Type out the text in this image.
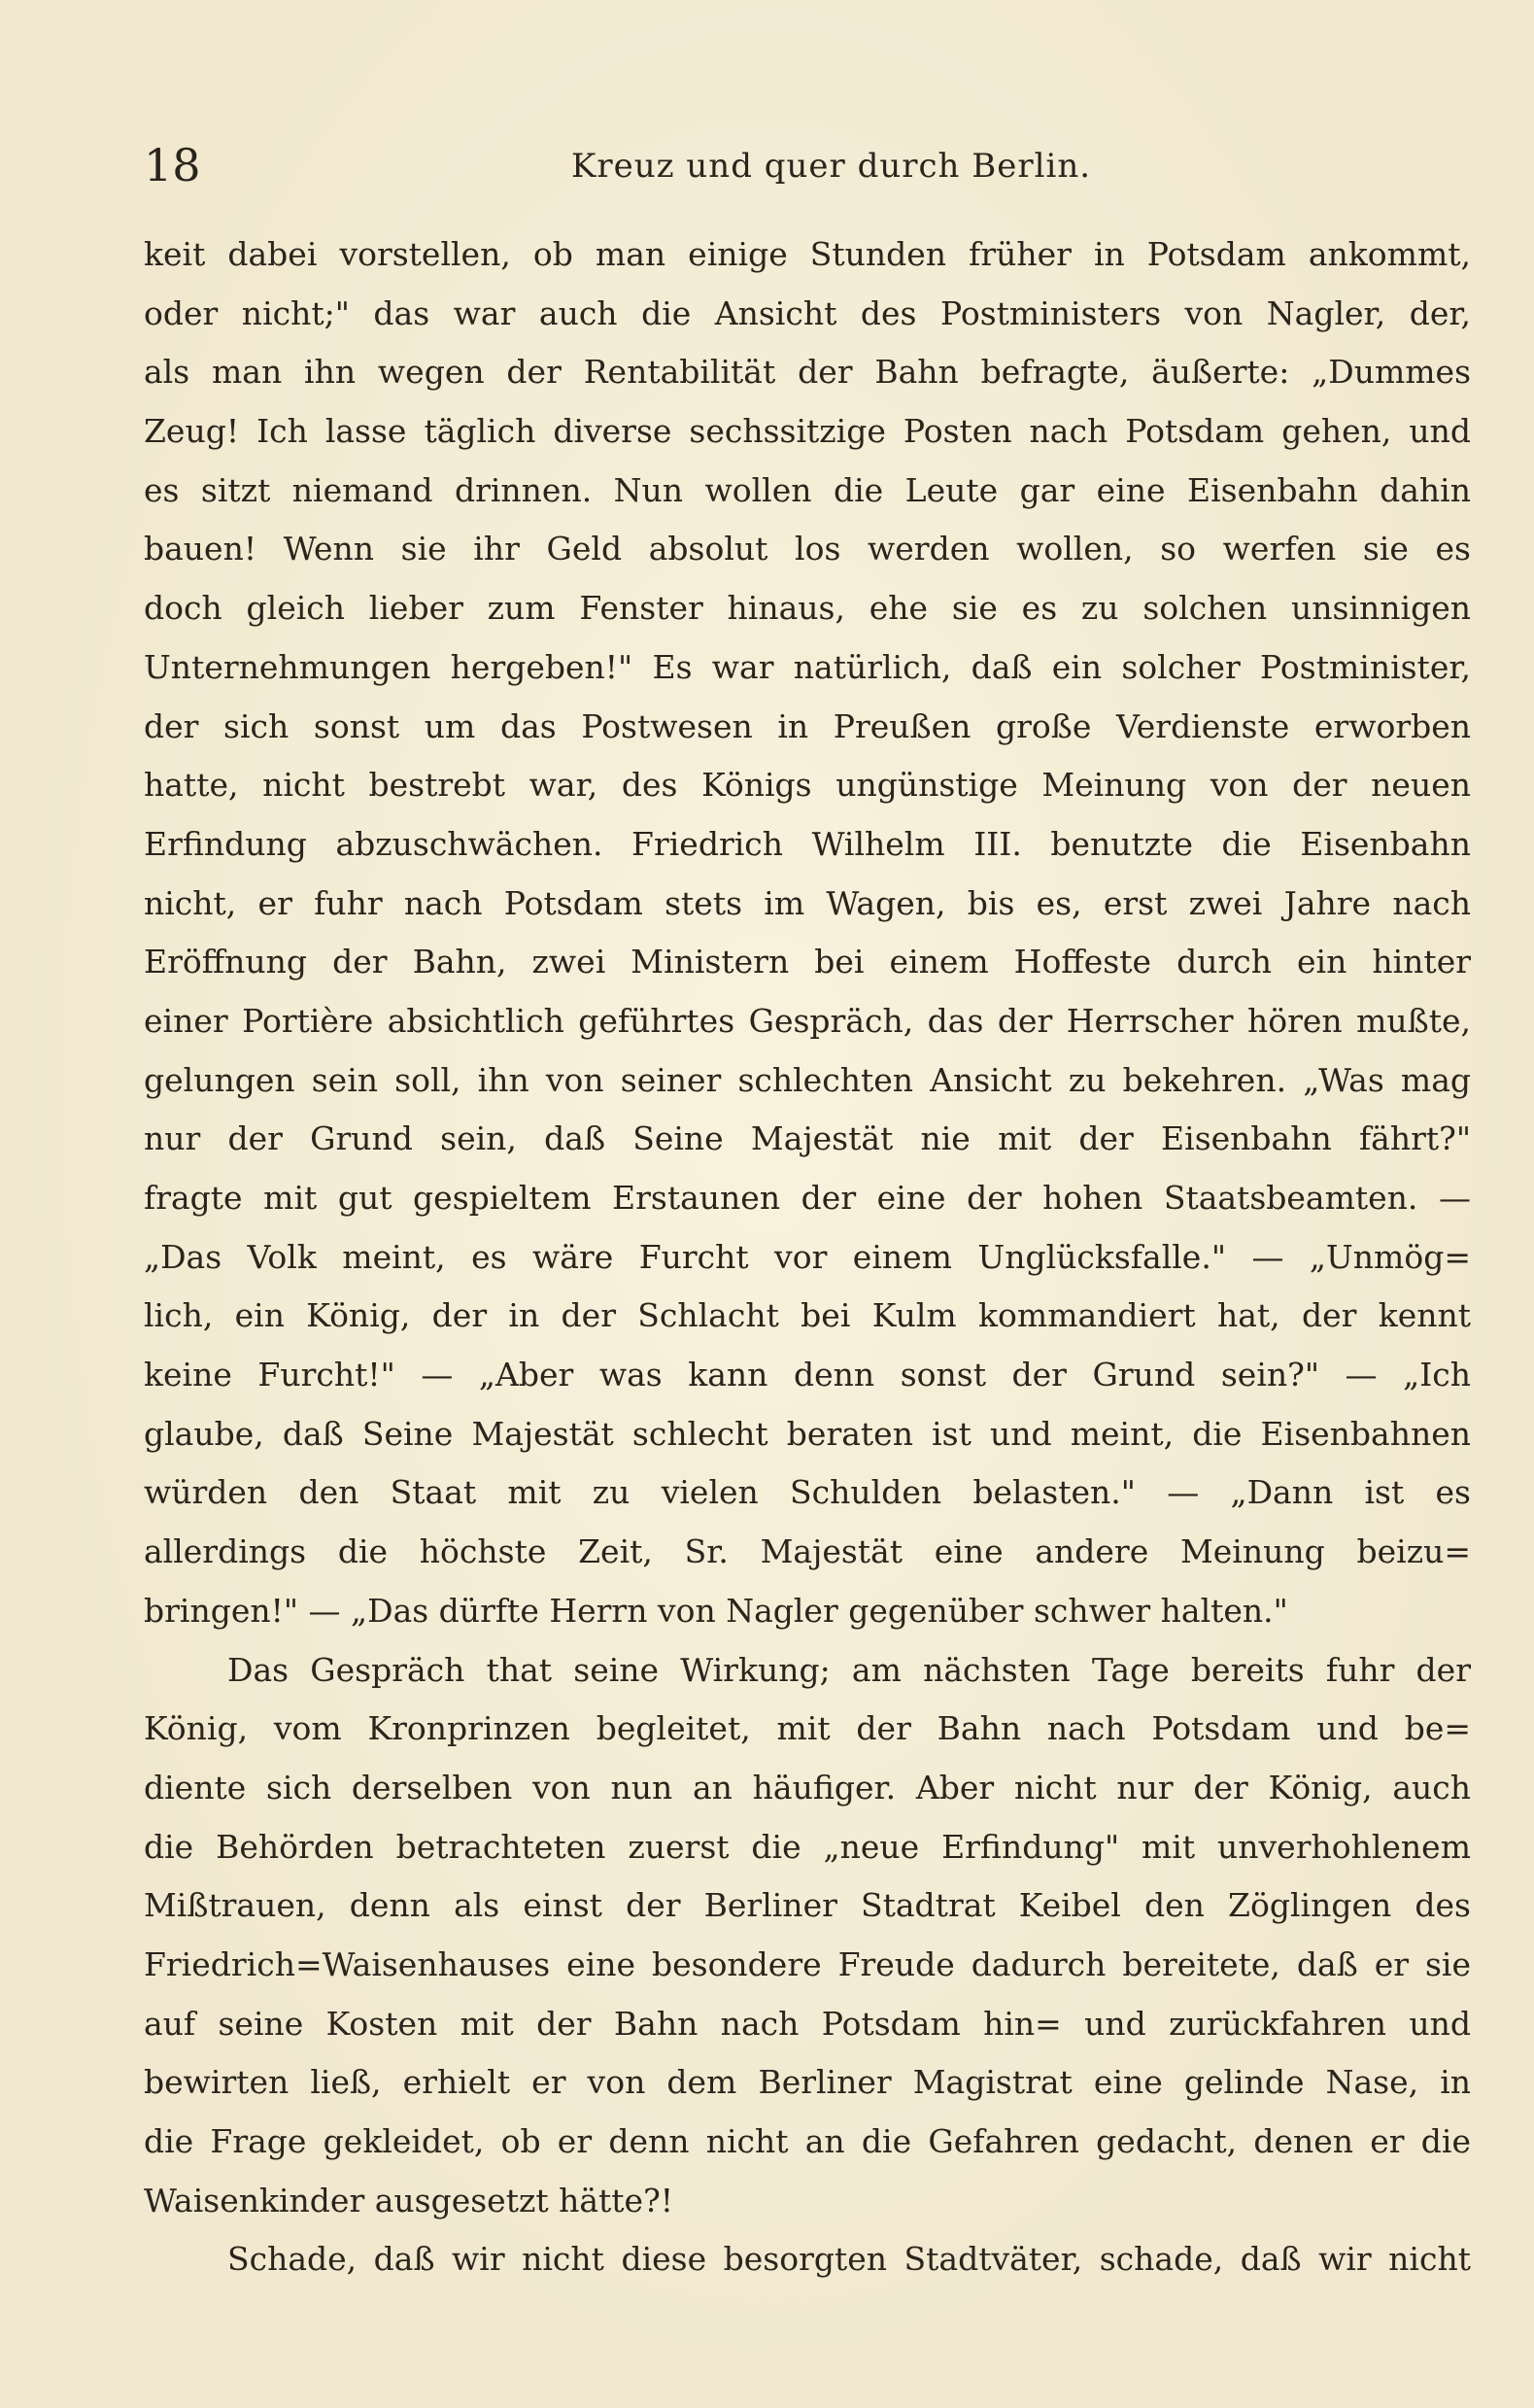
18	Kreuz und quer durch Berlin.
keit dabei vorstellen, ob man einige Stunden früher in Potsdam ankommt,
oder nicht;" das war auch die Ansicht des Postministers von Nagler, der,
als man ihn wegen der Rentabilität der Bahn befragte, äußerte: „Dummes
Zeug! Ich lasse täglich diverse sechssitzige Posten nach Potsdam gehen, und
es sitzt niemand drinnen. Nun wollen die Leute gar eine Eisenbahn dahin
bauen! Wenn sie ihr Geld absolut los werden wollen, so werfen sie es
doch gleich lieber zum Fenster hinaus, ehe sie es zu solchen unsinnigen
Unternehmungen hergeben!" Es war natürlich, daß ein solcher Postminister,
der sich sonst um das Postwesen in Preußen große Verdienste erworben
hatte, nicht bestrebt war, des Königs ungünstige Meinung von der neuen
Erfindung abzuschwächen. Friedrich Wilhelm III. benutzte die Eisenbahn
nicht, er fuhr nach Potsdam stets im Wagen, bis es, erst zwei Jahre nach
Eröffnung der Bahn, zwei Ministern bei einem Hoffeste durch ein hinter
einer Portière absichtlich geführtes Gespräch, das der Herrscher hören mußte,
gelungen sein soll, ihn von seiner schlechten Ansicht zu bekehren. „Was mag
nur der Grund sein, daß Seine Majestät nie mit der Eisenbahn fährt?"
fragte mit gut gespieltem Erstaunen der eine der hohen Staatsbeamten. —
„Das Volk meint, es wäre Furcht vor einem Unglücksfalle." — „Unmög=
lich, ein König, der in der Schlacht bei Kulm kommandiert hat, der kennt
keine Furcht!" — „Aber was kann denn sonst der Grund sein?" — „Ich
glaube, daß Seine Majestät schlecht beraten ist und meint, die Eisenbahnen
würden den Staat mit zu vielen Schulden belasten." — „Dann ist es
allerdings die höchste Zeit, Sr. Majestät eine andere Meinung beizu=
bringen!" — „Das dürfte Herrn von Nagler gegenüber schwer halten."
Das Gespräch that seine Wirkung; am nächsten Tage bereits fuhr der
König, vom Kronprinzen begleitet, mit der Bahn nach Potsdam und be=
diente sich derselben von nun an häufiger. Aber nicht nur der König, auch
die Behörden betrachteten zuerst die „neue Erfindung" mit unverhohlenem
Mißtrauen, denn als einst der Berliner Stadtrat Keibel den Zöglingen des
Friedrich=Waisenhauses eine besondere Freude dadurch bereitete, daß er sie
auf seine Kosten mit der Bahn nach Potsdam hin= und zurückfahren und
bewirten ließ, erhielt er von dem Berliner Magistrat eine gelinde Nase, in
die Frage gekleidet, ob er denn nicht an die Gefahren gedacht, denen er die
Waisenkinder ausgesetzt hätte?!
Schade, daß wir nicht diese besorgten Stadtväter, schade, daß wir nicht
